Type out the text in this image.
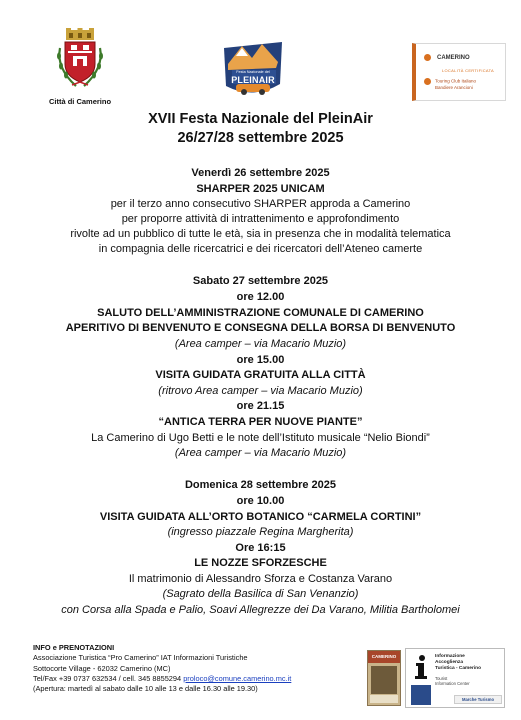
Città di Camerino
Festa Nazionale del
PLEINAIR
CAMERINO
LOCALITÀ CERTIFICATA
Touring Club Italiano
Bandiere Arancioni
XVII Festa Nazionale del PleinAir
26/27/28 settembre 2025
Venerdì 26 settembre 2025
SHARPER 2025 UNICAM
per il terzo anno consecutivo SHARPER approda a Camerino
per proporre attività di intrattenimento e approfondimento
rivolte ad un pubblico di tutte le età, sia in presenza che in modalità telematica
in compagnia delle ricercatrici e dei ricercatori dell’Ateneo camerte
Sabato 27 settembre 2025
ore 12.00
SALUTO DELL’AMMINISTRAZIONE COMUNALE DI CAMERINO
APERITIVO DI BENVENUTO E CONSEGNA DELLA BORSA DI BENVENUTO
(Area camper – via Macario Muzio)
ore 15.00
VISITA GUIDATA GRATUITA ALLA CITTÀ
(ritrovo Area camper – via Macario Muzio)
ore 21.15
“ANTICA TERRA PER NUOVE PIANTE”
La Camerino di Ugo Betti e le note dell’Istituto musicale “Nelio Biondi”
(Area camper – via Macario Muzio)
Domenica 28 settembre 2025
ore 10.00
VISITA GUIDATA ALL’ORTO BOTANICO “CARMELA CORTINI”
(ingresso piazzale Regina Margherita)
Ore 16:15
LE NOZZE SFORZESCHE
Il matrimonio di Alessandro Sforza e Costanza Varano
(Sagrato della Basilica di San Venanzio)
con Corsa alla Spada e Palio, Soavi Allegrezze dei Da Varano, Militia Bartholomei
INFO e PRENOTAZIONI
Associazione Turistica “Pro Camerino” IAT Informazioni Turistiche
Sottocorte Village - 62032 Camerino (MC)
Tel/Fax +39 0737 632534 / cell. 345 8855294 proloco@comune.camerino.mc.it
(Apertura: martedì al sabato dalle 10 alle 13 e dalle 16.30 alle 19.30)
CAMERINO	Informazione
Accoglienza
Turistica - Camerino
Tourist
Information Center
Marche Turismo
